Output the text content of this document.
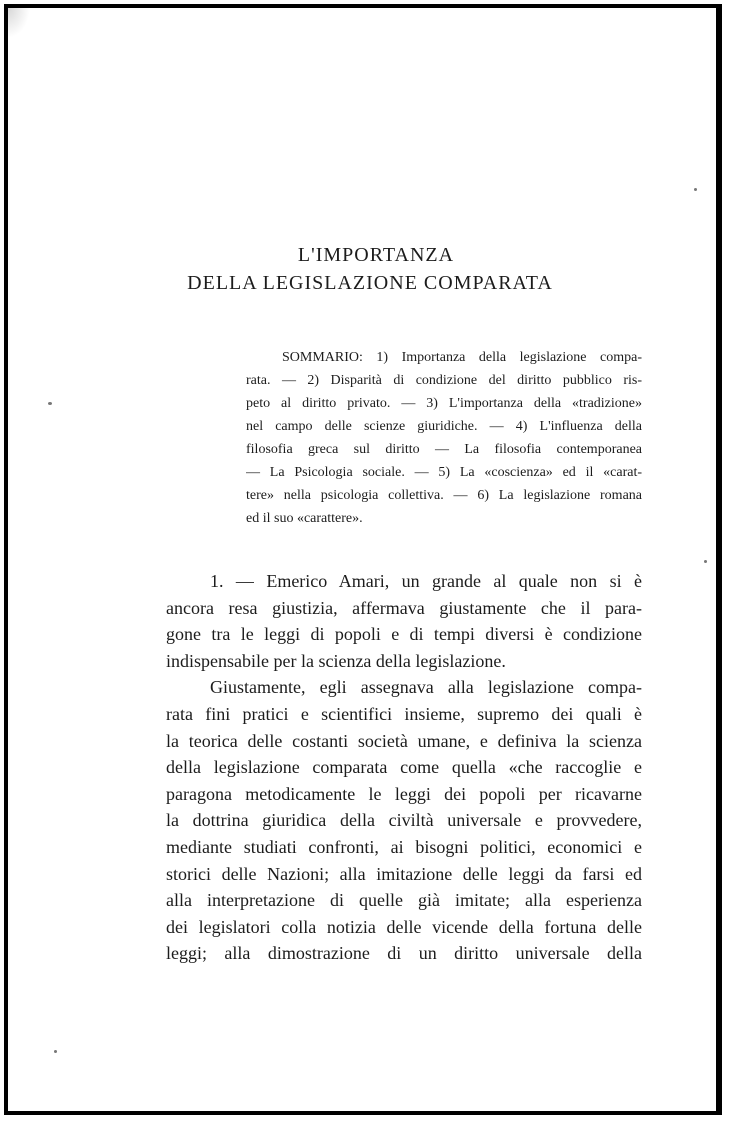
L'IMPORTANZA
DELLA LEGISLAZIONE COMPARATA
SOMMARIO: 1) Importanza della legislazione compa-
rata. — 2) Disparità di condizione del diritto pubblico ris-
peto al diritto privato. — 3) L'importanza della «tradizione»
nel campo delle scienze giuridiche. — 4) L'influenza della
filosofia greca sul diritto — La filosofia contemporanea
— La Psicologia sociale. — 5) La «coscienza» ed il «carat-
tere» nella psicologia collettiva. — 6) La legislazione romana
ed il suo «carattere».
1. — Emerico Amari, un grande al quale non si è
ancora resa giustizia, affermava giustamente che il para-
gone tra le leggi di popoli e di tempi diversi è condizione
indispensabile per la scienza della legislazione.
Giustamente, egli assegnava alla legislazione compa-
rata fini pratici e scientifici insieme, supremo dei quali è
la teorica delle costanti società umane, e definiva la scienza
della legislazione comparata come quella «che raccoglie e
paragona metodicamente le leggi dei popoli per ricavarne
la dottrina giuridica della civiltà universale e provvedere,
mediante studiati confronti, ai bisogni politici, economici e
storici delle Nazioni; alla imitazione delle leggi da farsi ed
alla interpretazione di quelle già imitate; alla esperienza
dei legislatori colla notizia delle vicende della fortuna delle
leggi; alla dimostrazione di un diritto universale della
